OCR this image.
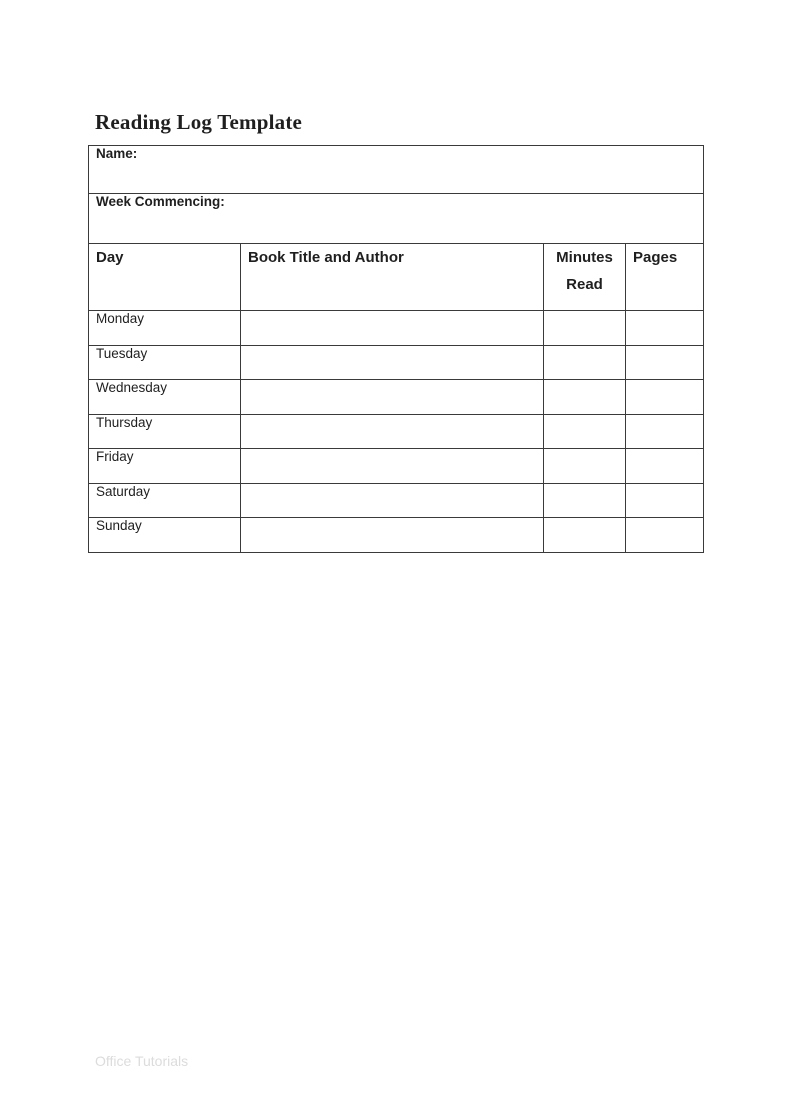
Reading Log Template
Name:			
Week Commencing:			
Day	Book Title and Author	Minutes Read	Pages
Monday			
Tuesday			
Wednesday			
Thursday			
Friday			
Saturday			
Sunday			
Office Tutorials
